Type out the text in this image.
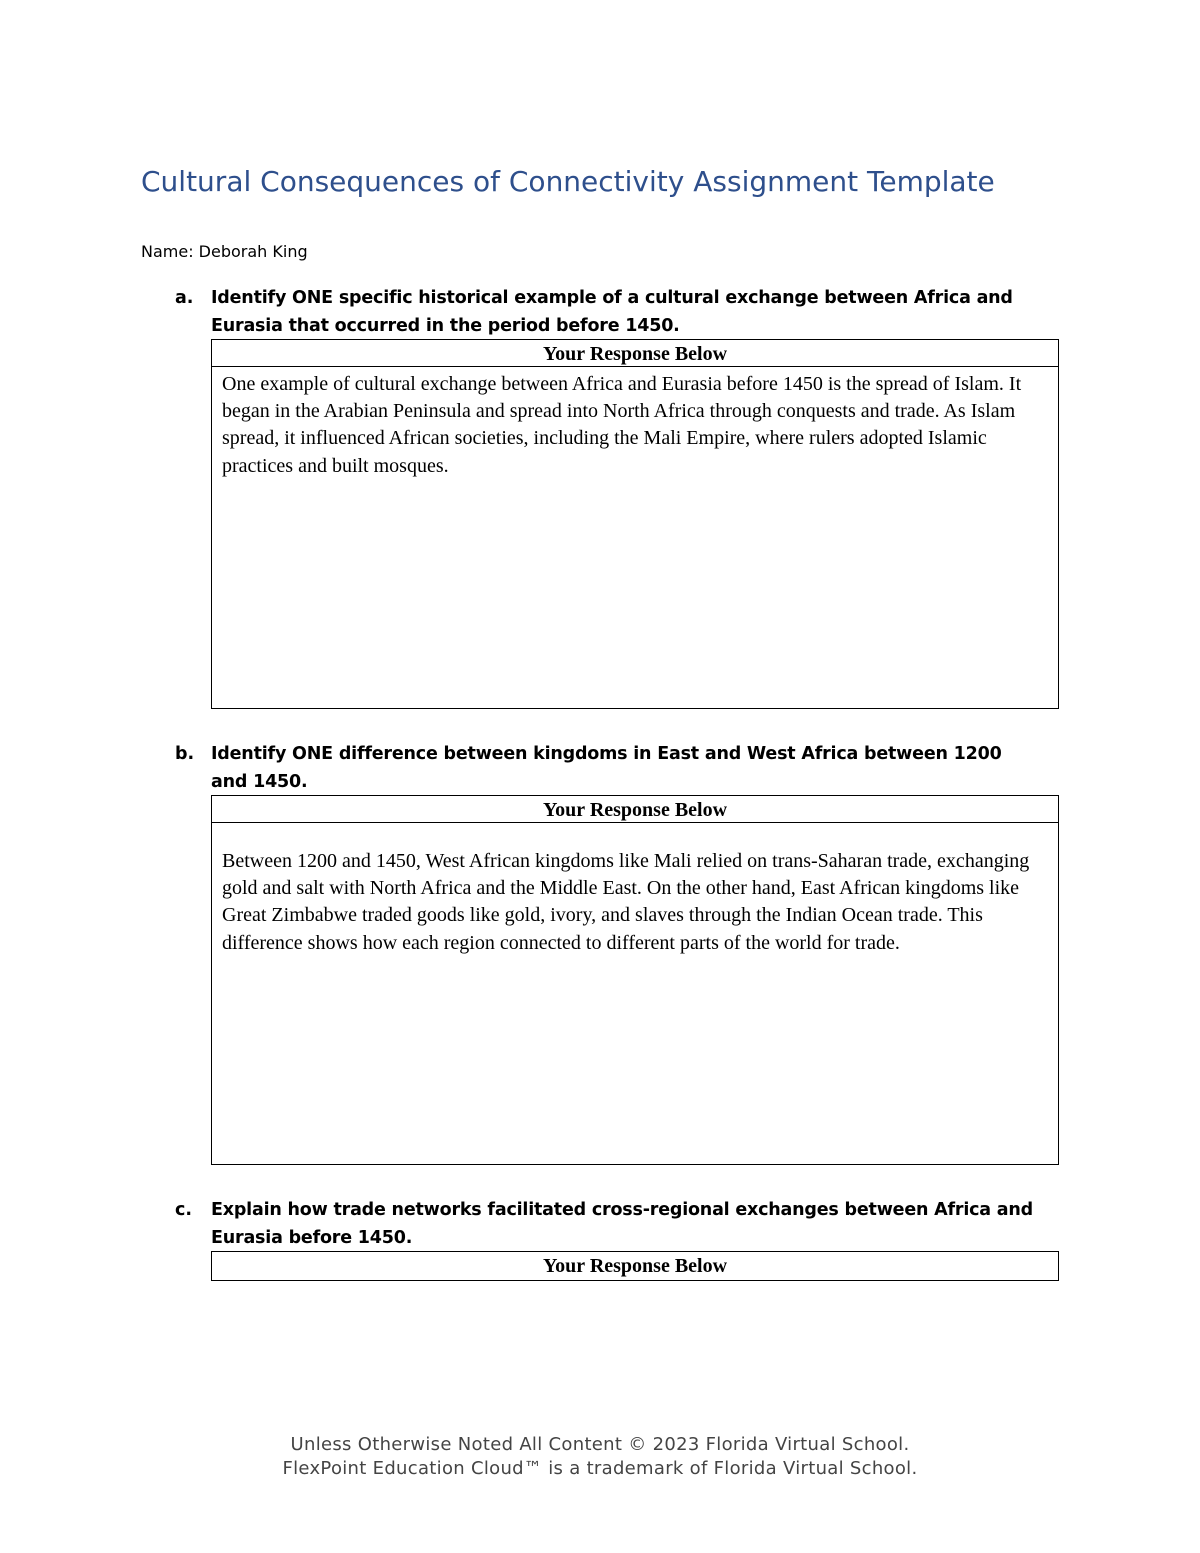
Cultural Consequences of Connectivity Assignment Template
Name: Deborah King
a. Identify ONE specific historical example of a cultural exchange between Africa and Eurasia that occurred in the period before 1450.
Your Response Below
One example of cultural exchange between Africa and Eurasia before 1450 is the spread of Islam. It began in the Arabian Peninsula and spread into North Africa through conquests and trade. As Islam spread, it influenced African societies, including the Mali Empire, where rulers adopted Islamic practices and built mosques.
b. Identify ONE difference between kingdoms in East and West Africa between 1200 and 1450.
Your Response Below
Between 1200 and 1450, West African kingdoms like Mali relied on trans-Saharan trade, exchanging gold and salt with North Africa and the Middle East. On the other hand, East African kingdoms like Great Zimbabwe traded goods like gold, ivory, and slaves through the Indian Ocean trade. This difference shows how each region connected to different parts of the world for trade.
c. Explain how trade networks facilitated cross-regional exchanges between Africa and Eurasia before 1450.
Your Response Below
Unless Otherwise Noted All Content © 2023 Florida Virtual School.
FlexPoint Education Cloud™ is a trademark of Florida Virtual School.
